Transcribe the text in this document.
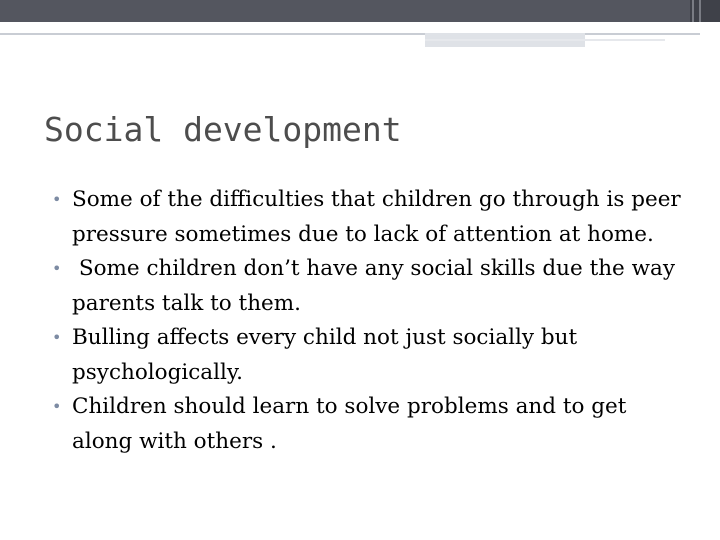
Social development
• Some of the difficulties that children go through is peer pressure sometimes due to lack of attention at home.
• Some children don’t have any social skills due the way parents talk to them.
• Bulling affects every child not just socially but psychologically.
• Children should learn to solve problems and to get along with others .
